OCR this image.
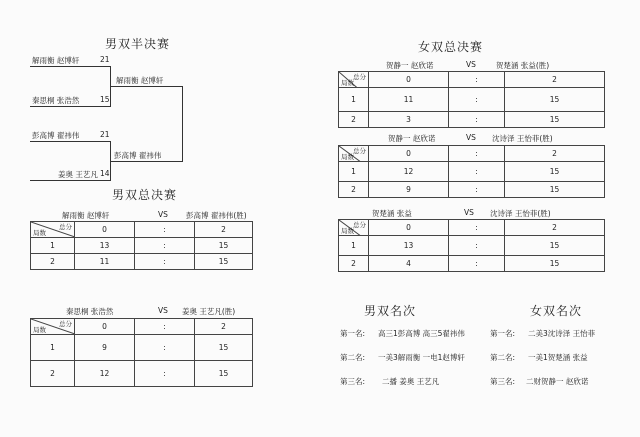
男双半决赛
解雨衡 赵博轩	21
秦思桐 张浩然	15
解雨衡 赵博轩
彭高博 翟祎伟	21
姜奥 王艺凡 14
彭高博 翟祎伟
男双总决赛
解雨衡 赵博轩	VS 彭高博 翟祎伟(胜)
总分
局数	0	:	2
1	13	:	15
2	11	:	15
秦思桐 张浩然	VS 姜奥 王艺凡(胜)
总分
局数	0	:	2
1	9	:	15
2	12	:	15
女双总决赛
贺静一 赵欣诺	VS	贺楚涵 张益(胜)
总分
局数	0	:	2
1	11	:	15
2	3	:	15
贺静一 赵欣诺	VS 沈诗泽 王怡菲(胜)
总分
局数	0	:	2
1	12	:	15
2	9	:	15
贺楚涵 张益	VS 沈诗泽 王怡菲(胜)
总分
局数	0	:	2
1	13	:	15
2	4	:	15
男双名次
第一名: 高三1彭高博 高三5翟祎伟
第二名: 一美3解雨衡 一电1赵博轩
第三名: 二播 姜奥 王艺凡
女双名次
第一名: 二美3沈诗泽 王怡菲
第二名: 一美1贺楚涵 张益
第三名: 二财贺静一 赵欣诺
